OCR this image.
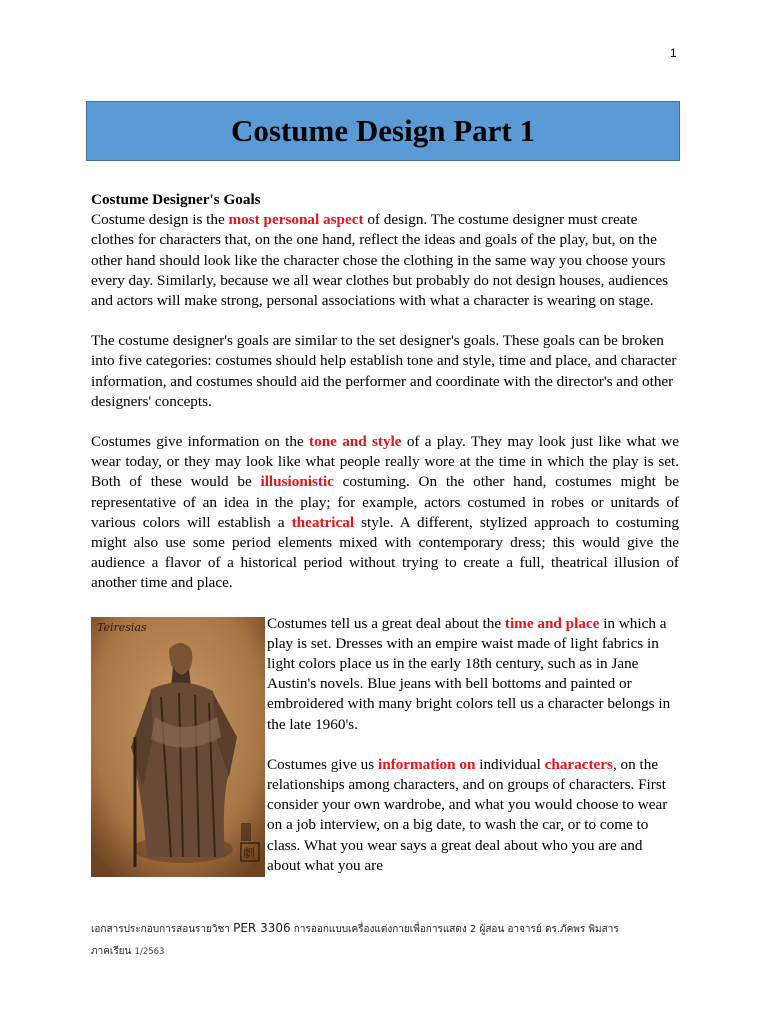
1
Costume Design Part 1
Costume Designer's Goals

Costume design is the most personal aspect of design. The costume designer must create clothes for characters that, on the one hand, reflect the ideas and goals of the play, but, on the other hand should look like the character chose the clothing in the same way you choose yours every day. Similarly, because we all wear clothes but probably do not design houses, audiences and actors will make strong, personal associations with what a character is wearing on stage.

The costume designer's goals are similar to the set designer's goals. These goals can be broken into five categories: costumes should help establish tone and style, time and place, and character information, and costumes should aid the performer and coordinate with the director's and other designers' concepts.

Costumes give information on the tone and style of a play. They may look just like what we wear today, or they may look like what people really wore at the time in which the play is set. Both of these would be illusionistic costuming. On the other hand, costumes might be representative of an idea in the play; for example, actors costumed in robes or unitards of various colors will establish a theatrical style. A different, stylized approach to costuming might also use some period elements mixed with contemporary dress; this would give the audience a flavor of a historical period without trying to create a full, theatrical illusion of another time and place.

Teiresias
劇

Costumes tell us a great deal about the time and place in which a play is set. Dresses with an empire waist made of light fabrics in light colors place us in the early 18th century, such as in Jane Austin's novels. Blue jeans with bell bottoms and painted or embroidered with many bright colors tell us a character belongs in the late 1960's.

Costumes give us information on individual characters, on the relationships among characters, and on groups of characters. First consider your own wardrobe, and what you would choose to wear on a job interview, on a big date, to wash the car, or to come to class. What you wear says a great deal about who you are and about what you are

เอกสารประกอบการสอนรายวิชา PER 3306 การออกแบบเครื่องแต่งกายเพื่อการแสดง 2 ผู้สอน อาจารย์ ดร.ภัคพร พิมสาร
ภาคเรียน 1/2563
